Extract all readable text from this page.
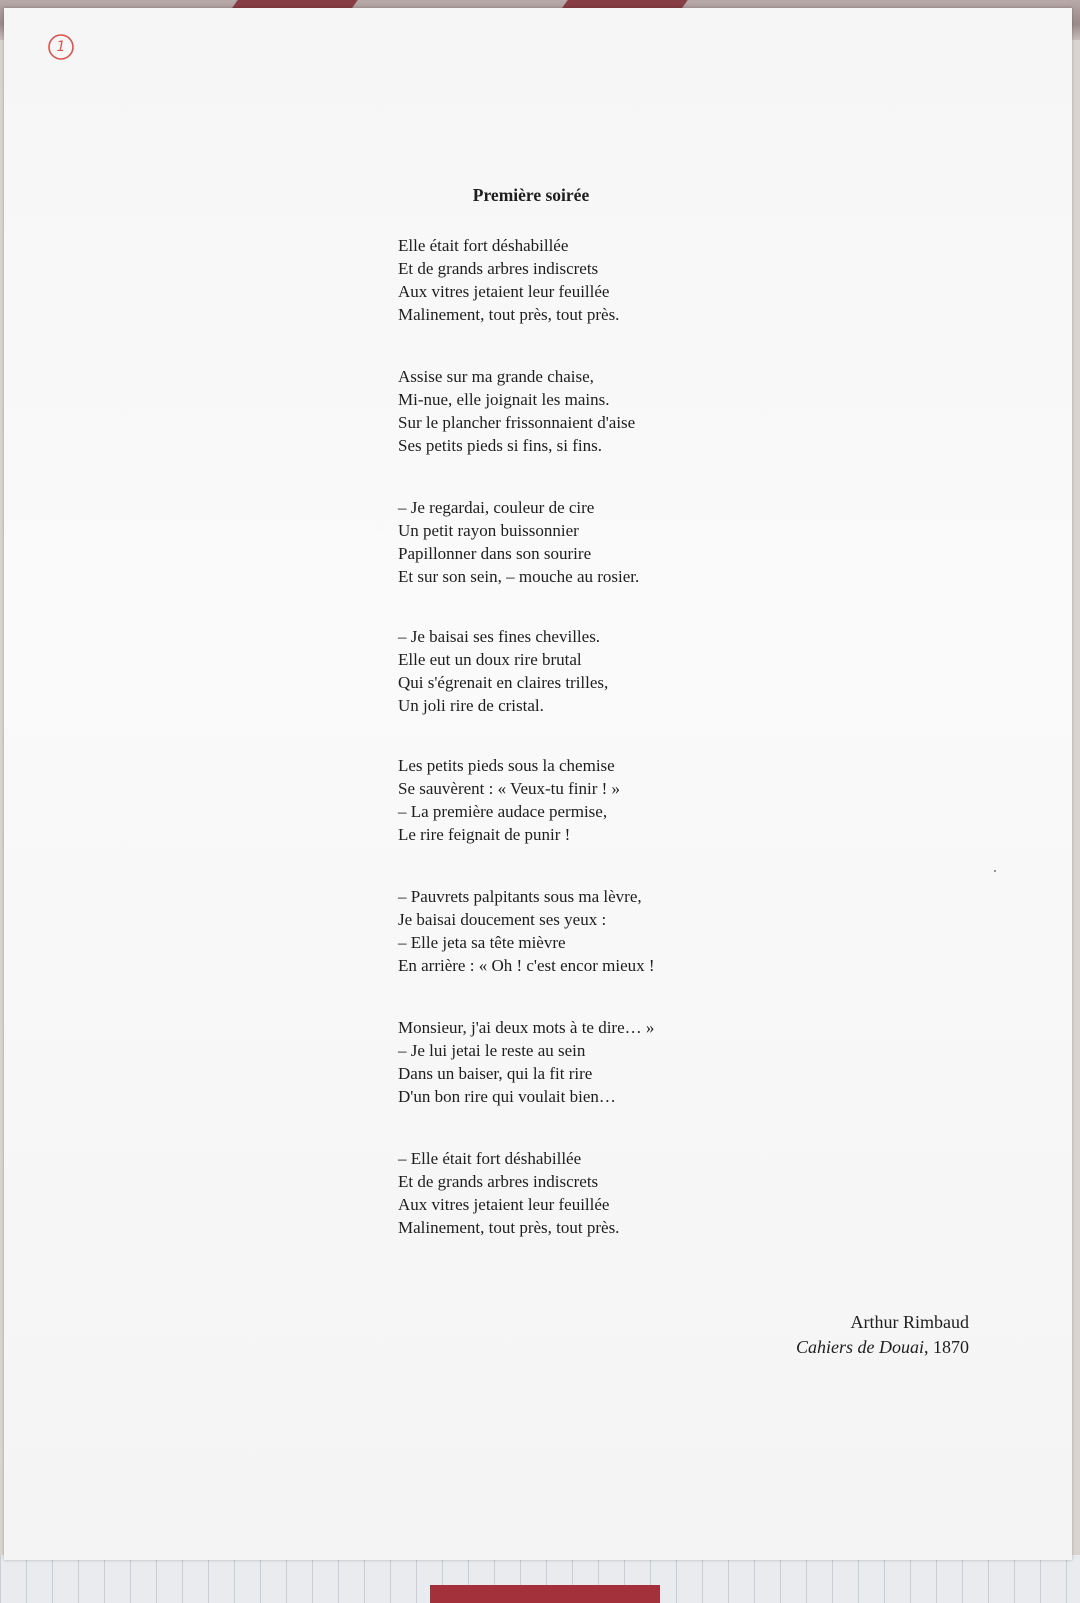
1
Première soirée
Elle était fort déshabillée
Et de grands arbres indiscrets
Aux vitres jetaient leur feuillée
Malinement, tout près, tout près.
Assise sur ma grande chaise,
Mi-nue, elle joignait les mains.
Sur le plancher frissonnaient d'aise
Ses petits pieds si fins, si fins.
– Je regardai, couleur de cire
Un petit rayon buissonnier
Papillonner dans son sourire
Et sur son sein, – mouche au rosier.
– Je baisai ses fines chevilles.
Elle eut un doux rire brutal
Qui s'égrenait en claires trilles,
Un joli rire de cristal.
Les petits pieds sous la chemise
Se sauvèrent : « Veux-tu finir ! »
– La première audace permise,
Le rire feignait de punir !
– Pauvrets palpitants sous ma lèvre,
Je baisai doucement ses yeux :
– Elle jeta sa tête mièvre
En arrière : « Oh ! c'est encor mieux !
Monsieur, j'ai deux mots à te dire… »
– Je lui jetai le reste au sein
Dans un baiser, qui la fit rire
D'un bon rire qui voulait bien…
– Elle était fort déshabillée
Et de grands arbres indiscrets
Aux vitres jetaient leur feuillée
Malinement, tout près, tout près.
Arthur Rimbaud
Cahiers de Douai, 1870
